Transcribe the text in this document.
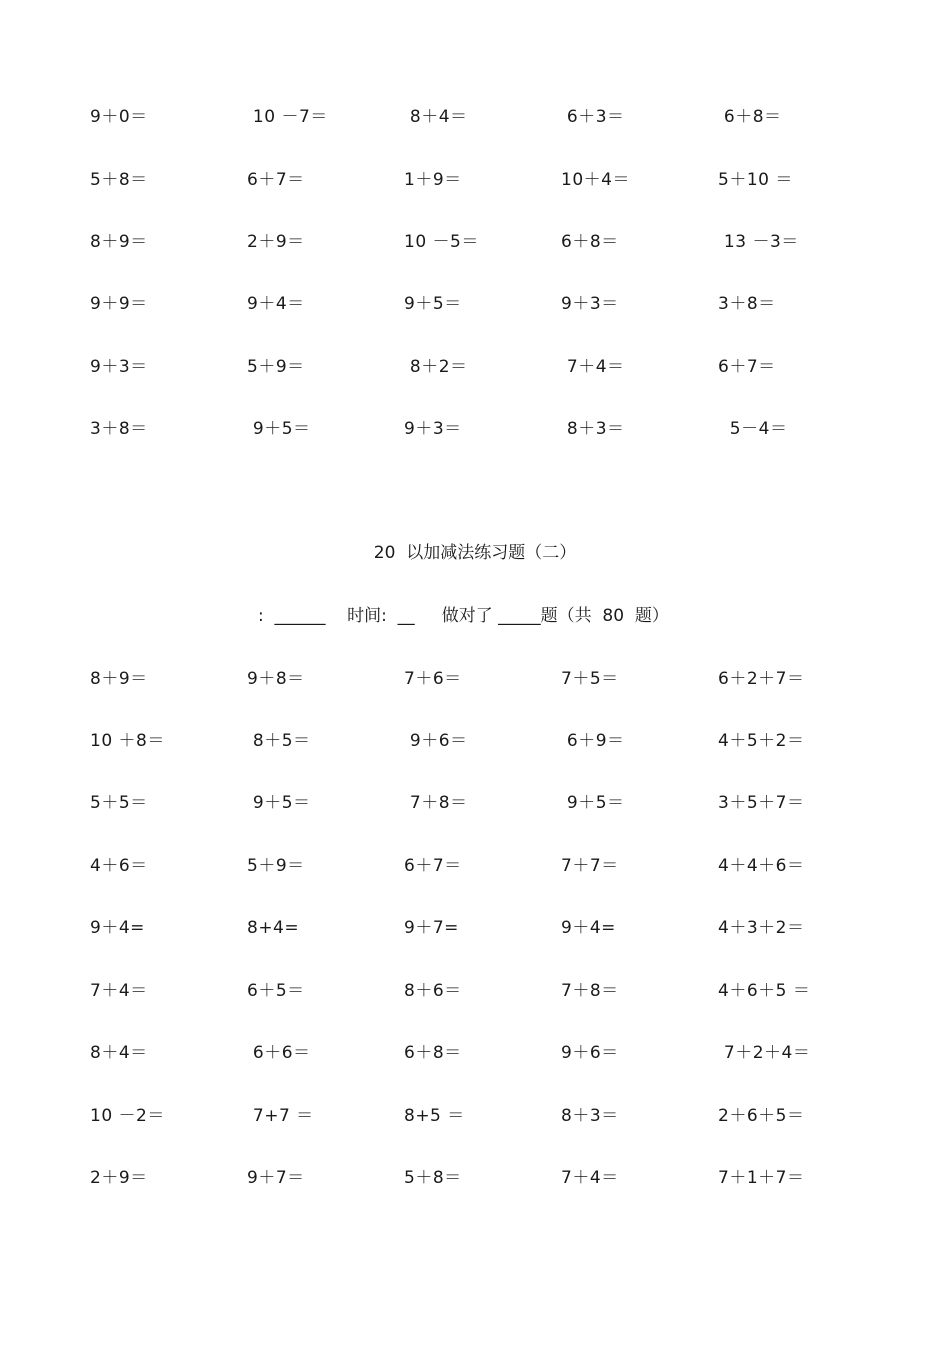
9＋0＝	10 －7＝	8＋4＝	6＋3＝	6＋8＝
5＋8＝	6＋7＝	1＋9＝	10＋4＝	5＋10 ＝
8＋9＝	2＋9＝	10 －5＝	6＋8＝	13 －3＝
9＋9＝	9＋4＝	9＋5＝	9＋3＝	3＋8＝
9＋3＝	5＋9＝	8＋2＝	7＋4＝	6＋7＝
3＋8＝	9＋5＝	9＋3＝	8＋3＝	5－4＝
20  以加减法练习题（二）
:  ______    时间:  __     做对了 _____题（共  80  题）
8＋9＝	9＋8＝	7＋6＝	7＋5＝	6＋2＋7＝
10 ＋8＝	8＋5＝	9＋6＝	6＋9＝	4＋5＋2＝
5＋5＝	9＋5＝	7＋8＝	9＋5＝	3＋5＋7＝
4＋6＝	5＋9＝	6＋7＝	7＋7＝	4＋4＋6＝
9＋4=	8+4=	9＋7=	9＋4=	4＋3＋2＝
7＋4＝	6＋5＝	8＋6＝	7＋8＝	4＋6＋5 ＝
8＋4＝	6＋6＝	6＋8＝	9＋6＝	7＋2＋4＝
10 －2＝	7+7 ＝	8+5 ＝	8＋3＝	2＋6＋5＝
2＋9＝	9＋7＝	5＋8＝	7＋4＝	7＋1＋7＝
